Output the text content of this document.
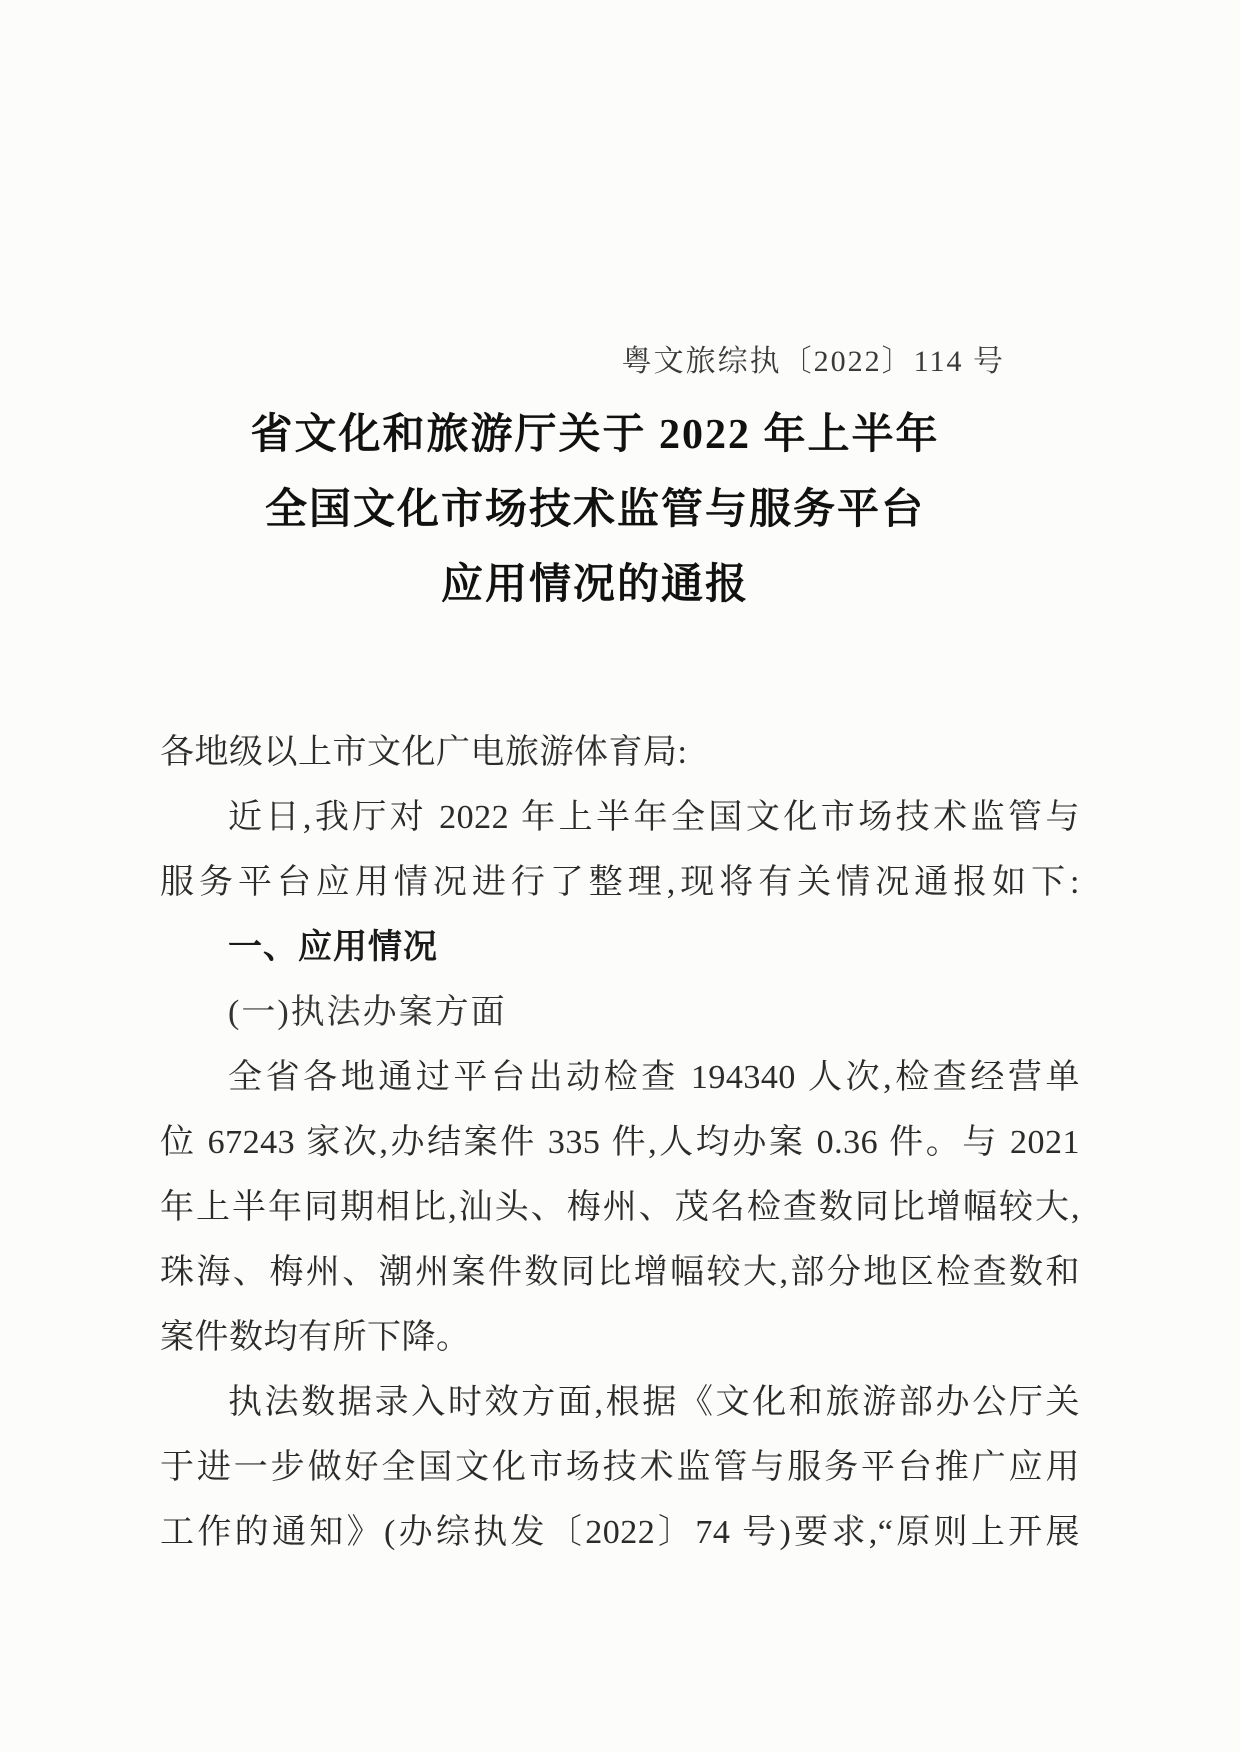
粤文旅综执〔2022〕114 号
省文化和旅游厅关于 2022 年上半年
全国文化市场技术监管与服务平台
应用情况的通报
各地级以上市文化广电旅游体育局:
近日,我厅对 2022 年上半年全国文化市场技术监管与
服务平台应用情况进行了整理,现将有关情况通报如下:
一、应用情况
(一)执法办案方面
全省各地通过平台出动检查 194340 人次,检查经营单
位 67243 家次,办结案件 335 件,人均办案 0.36 件。与 2021
年上半年同期相比,汕头、梅州、茂名检查数同比增幅较大,
珠海、梅州、潮州案件数同比增幅较大,部分地区检查数和
案件数均有所下降。
执法数据录入时效方面,根据《文化和旅游部办公厅关
于进一步做好全国文化市场技术监管与服务平台推广应用
工作的通知》(办综执发〔2022〕74 号)要求,“原则上开展
